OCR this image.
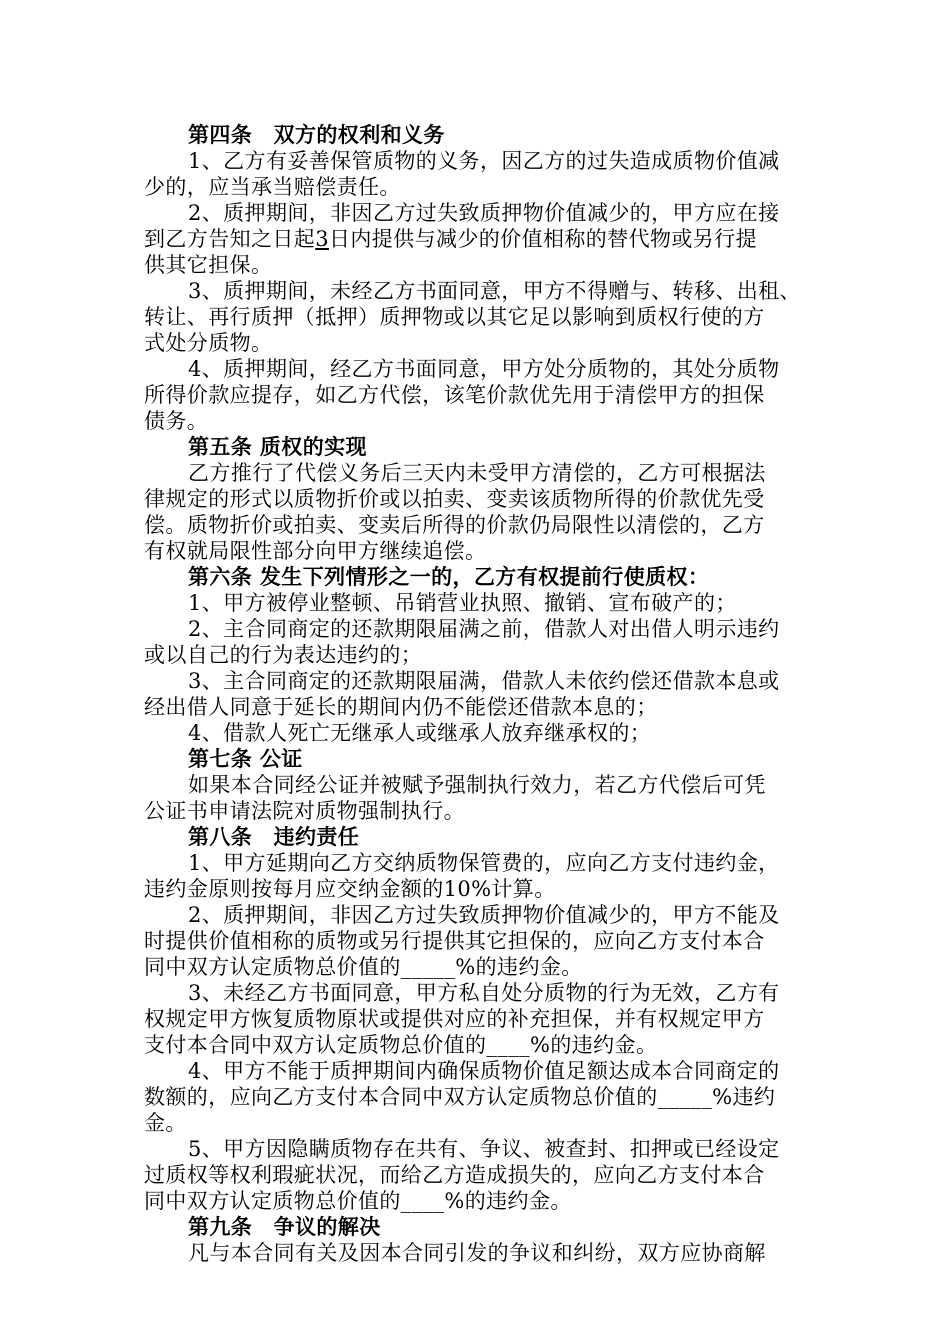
第四条　双方的权利和义务
1、乙方有妥善保管质物的义务，因乙方的过失造成质物价值减
少的，应当承当赔偿责任。
2、质押期间，非因乙方过失致质押物价值减少的，甲方应在接
到乙方告知之日起3日内提供与减少的价值相称的替代物或另行提
供其它担保。
3、质押期间，未经乙方书面同意，甲方不得赠与、转移、出租、
转让、再行质押（抵押）质押物或以其它足以影响到质权行使的方
式处分质物。
4、质押期间，经乙方书面同意，甲方处分质物的，其处分质物
所得价款应提存，如乙方代偿，该笔价款优先用于清偿甲方的担保
债务。
第五条 质权的实现
乙方推行了代偿义务后三天内未受甲方清偿的，乙方可根据法
律规定的形式以质物折价或以拍卖、变卖该质物所得的价款优先受
偿。质物折价或拍卖、变卖后所得的价款仍局限性以清偿的，乙方
有权就局限性部分向甲方继续追偿。
第六条 发生下列情形之一的，乙方有权提前行使质权：
1、甲方被停业整顿、吊销营业执照、撤销、宣布破产的；
2、主合同商定的还款期限届满之前，借款人对出借人明示违约
或以自己的行为表达违约的；
3、主合同商定的还款期限届满，借款人未依约偿还借款本息或
经出借人同意于延长的期间内仍不能偿还借款本息的；
4、借款人死亡无继承人或继承人放弃继承权的；
第七条 公证
如果本合同经公证并被赋予强制执行效力，若乙方代偿后可凭
公证书申请法院对质物强制执行。
第八条　违约责任
1、甲方延期向乙方交纳质物保管费的，应向乙方支付违约金，
违约金原则按每月应交纳金额的10%计算。
2、质押期间，非因乙方过失致质押物价值减少的，甲方不能及
时提供价值相称的质物或另行提供其它担保的，应向乙方支付本合
同中双方认定质物总价值的_____%的违约金。
3、未经乙方书面同意，甲方私自处分质物的行为无效，乙方有
权规定甲方恢复质物原状或提供对应的补充担保，并有权规定甲方
支付本合同中双方认定质物总价值的____%的违约金。
4、甲方不能于质押期间内确保质物价值足额达成本合同商定的
数额的，应向乙方支付本合同中双方认定质物总价值的_____%违约
金。
5、甲方因隐瞒质物存在共有、争议、被查封、扣押或已经设定
过质权等权利瑕疵状况，而给乙方造成损失的，应向乙方支付本合
同中双方认定质物总价值的____%的违约金。
第九条　争议的解决
凡与本合同有关及因本合同引发的争议和纠纷，双方应协商解
